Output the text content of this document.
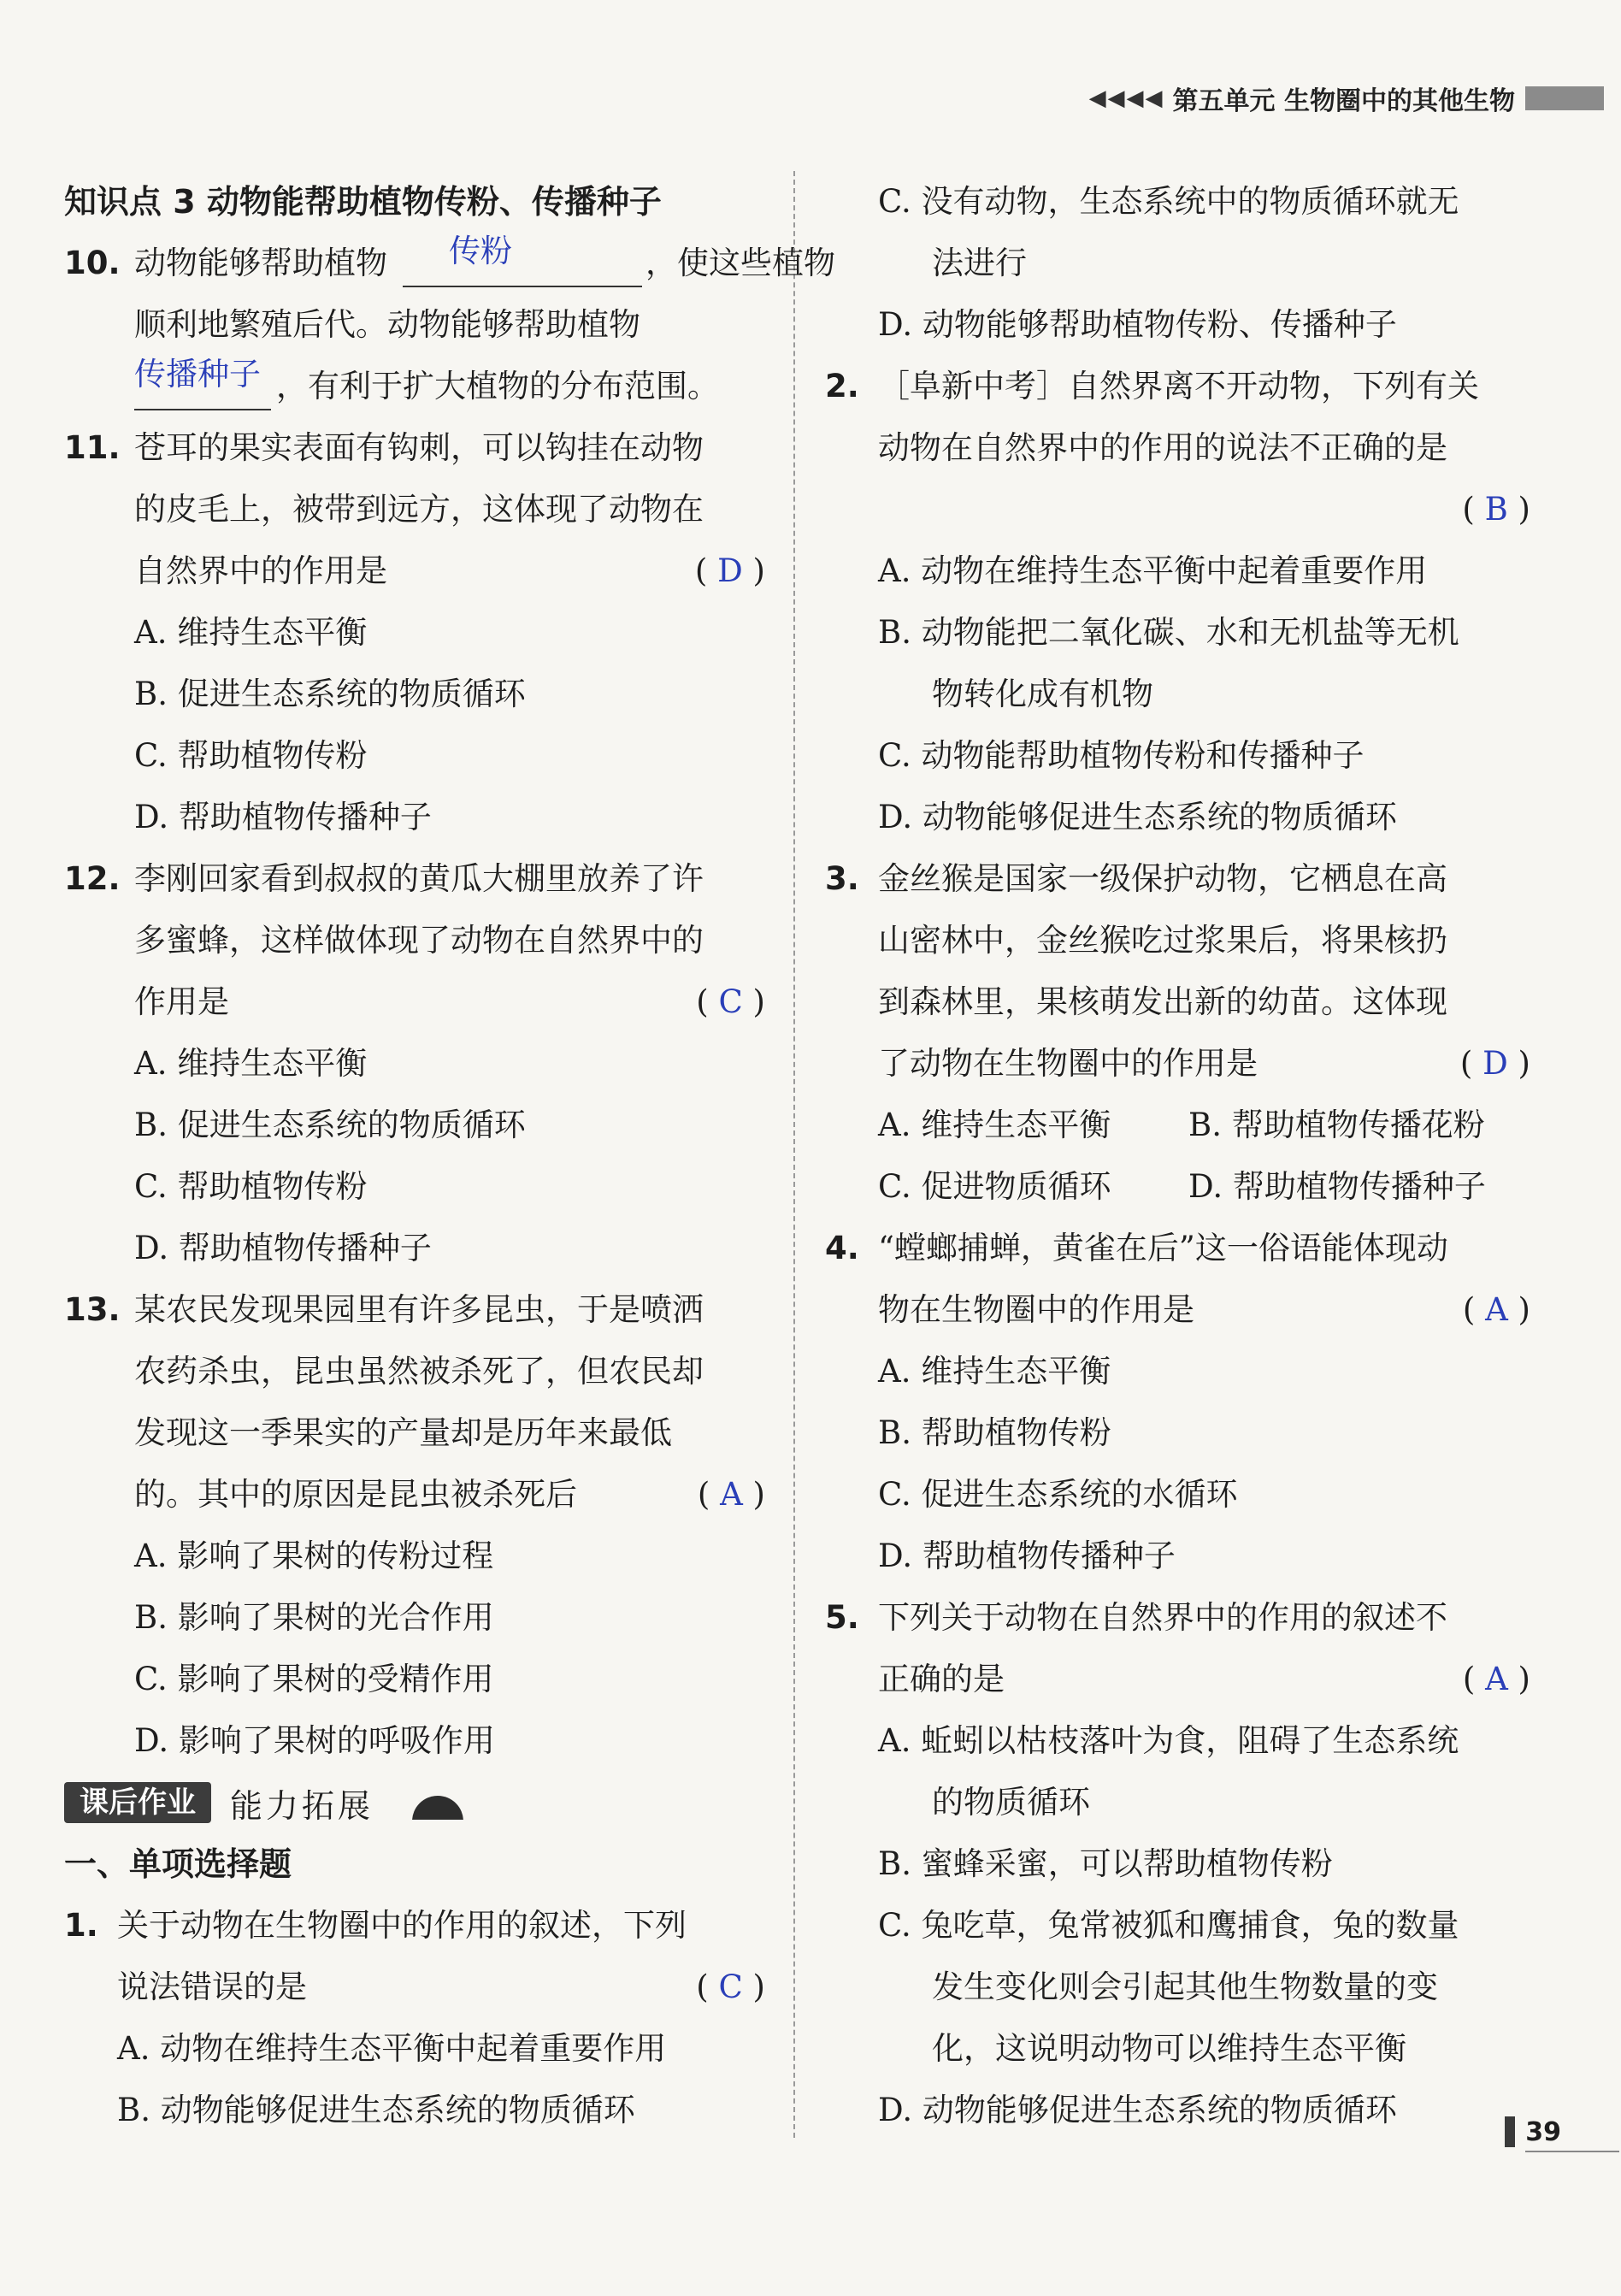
◀◀◀◀ 第五单元 生物圈中的其他生物
知识点 3 动物能帮助植物传粉、传播种子
10. 动物能够帮助植物 传粉	，使这些植物
顺利地繁殖后代。动物能够帮助植物
传播种子 ，有利于扩大植物的分布范围。
11. 苍耳的果实表面有钩刺，可以钩挂在动物
的皮毛上，被带到远方，这体现了动物在
自然界中的作用是	( D )
A. 维持生态平衡
B. 促进生态系统的物质循环
C. 帮助植物传粉
D. 帮助植物传播种子
12. 李刚回家看到叔叔的黄瓜大棚里放养了许
多蜜蜂，这样做体现了动物在自然界中的
作用是	( C )
A. 维持生态平衡
B. 促进生态系统的物质循环
C. 帮助植物传粉
D. 帮助植物传播种子
13. 某农民发现果园里有许多昆虫，于是喷洒
农药杀虫，昆虫虽然被杀死了，但农民却
发现这一季果实的产量却是历年来最低
的。其中的原因是昆虫被杀死后	( A )
A. 影响了果树的传粉过程
B. 影响了果树的光合作用
C. 影响了果树的受精作用
D. 影响了果树的呼吸作用
课后作业	能力拓展
一、单项选择题
1. 关于动物在生物圈中的作用的叙述，下列
说法错误的是	( C )
A. 动物在维持生态平衡中起着重要作用
B. 动物能够促进生态系统的物质循环
C. 没有动物，生态系统中的物质循环就无
法进行
D. 动物能够帮助植物传粉、传播种子
2. ［阜新中考］自然界离不开动物，下列有关
动物在自然界中的作用的说法不正确的是
( B )
A. 动物在维持生态平衡中起着重要作用
B. 动物能把二氧化碳、水和无机盐等无机
物转化成有机物
C. 动物能帮助植物传粉和传播种子
D. 动物能够促进生态系统的物质循环
3. 金丝猴是国家一级保护动物，它栖息在高
山密林中，金丝猴吃过浆果后，将果核扔
到森林里，果核萌发出新的幼苗。这体现
了动物在生物圈中的作用是	( D )
A. 维持生态平衡 B. 帮助植物传播花粉
C. 促进物质循环 D. 帮助植物传播种子
4. “螳螂捕蝉，黄雀在后”这一俗语能体现动
物在生物圈中的作用是	( A )
A. 维持生态平衡
B. 帮助植物传粉
C. 促进生态系统的水循环
D. 帮助植物传播种子
5. 下列关于动物在自然界中的作用的叙述不
正确的是	( A )
A. 蚯蚓以枯枝落叶为食，阻碍了生态系统
的物质循环
B. 蜜蜂采蜜，可以帮助植物传粉
C. 兔吃草，兔常被狐和鹰捕食，兔的数量
发生变化则会引起其他生物数量的变
化，这说明动物可以维持生态平衡
D. 动物能够促进生态系统的物质循环
39
